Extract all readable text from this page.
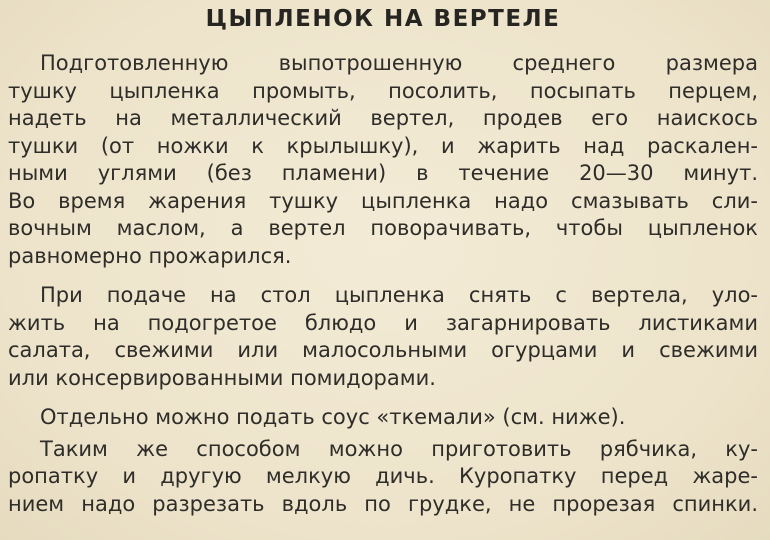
ЦЫПЛЕНОК НА ВЕРТЕЛЕ
Подготовленную выпотрошенную среднего размера
тушку цыпленка промыть, посолить, посыпать перцем,
надеть на металлический вертел, продев его наискось
тушки (от ножки к крылышку), и жарить над раскален-
ными углями (без пламени) в течение 20—30 минут.
Во время жарения тушку цыпленка надо смазывать сли-
вочным маслом, а вертел поворачивать, чтобы цыпленок
равномерно прожарился.
При подаче на стол цыпленка снять с вертела, уло-
жить на подогретое блюдо и загарнировать листиками
салата, свежими или малосольными огурцами и свежими
или консервированными помидорами.
Отдельно можно подать соус «ткемали» (см. ниже).
Таким же способом можно приготовить рябчика, ку-
ропатку и другую мелкую дичь. Куропатку перед жаре-
нием надо разрезать вдоль по грудке, не прорезая спинки.
